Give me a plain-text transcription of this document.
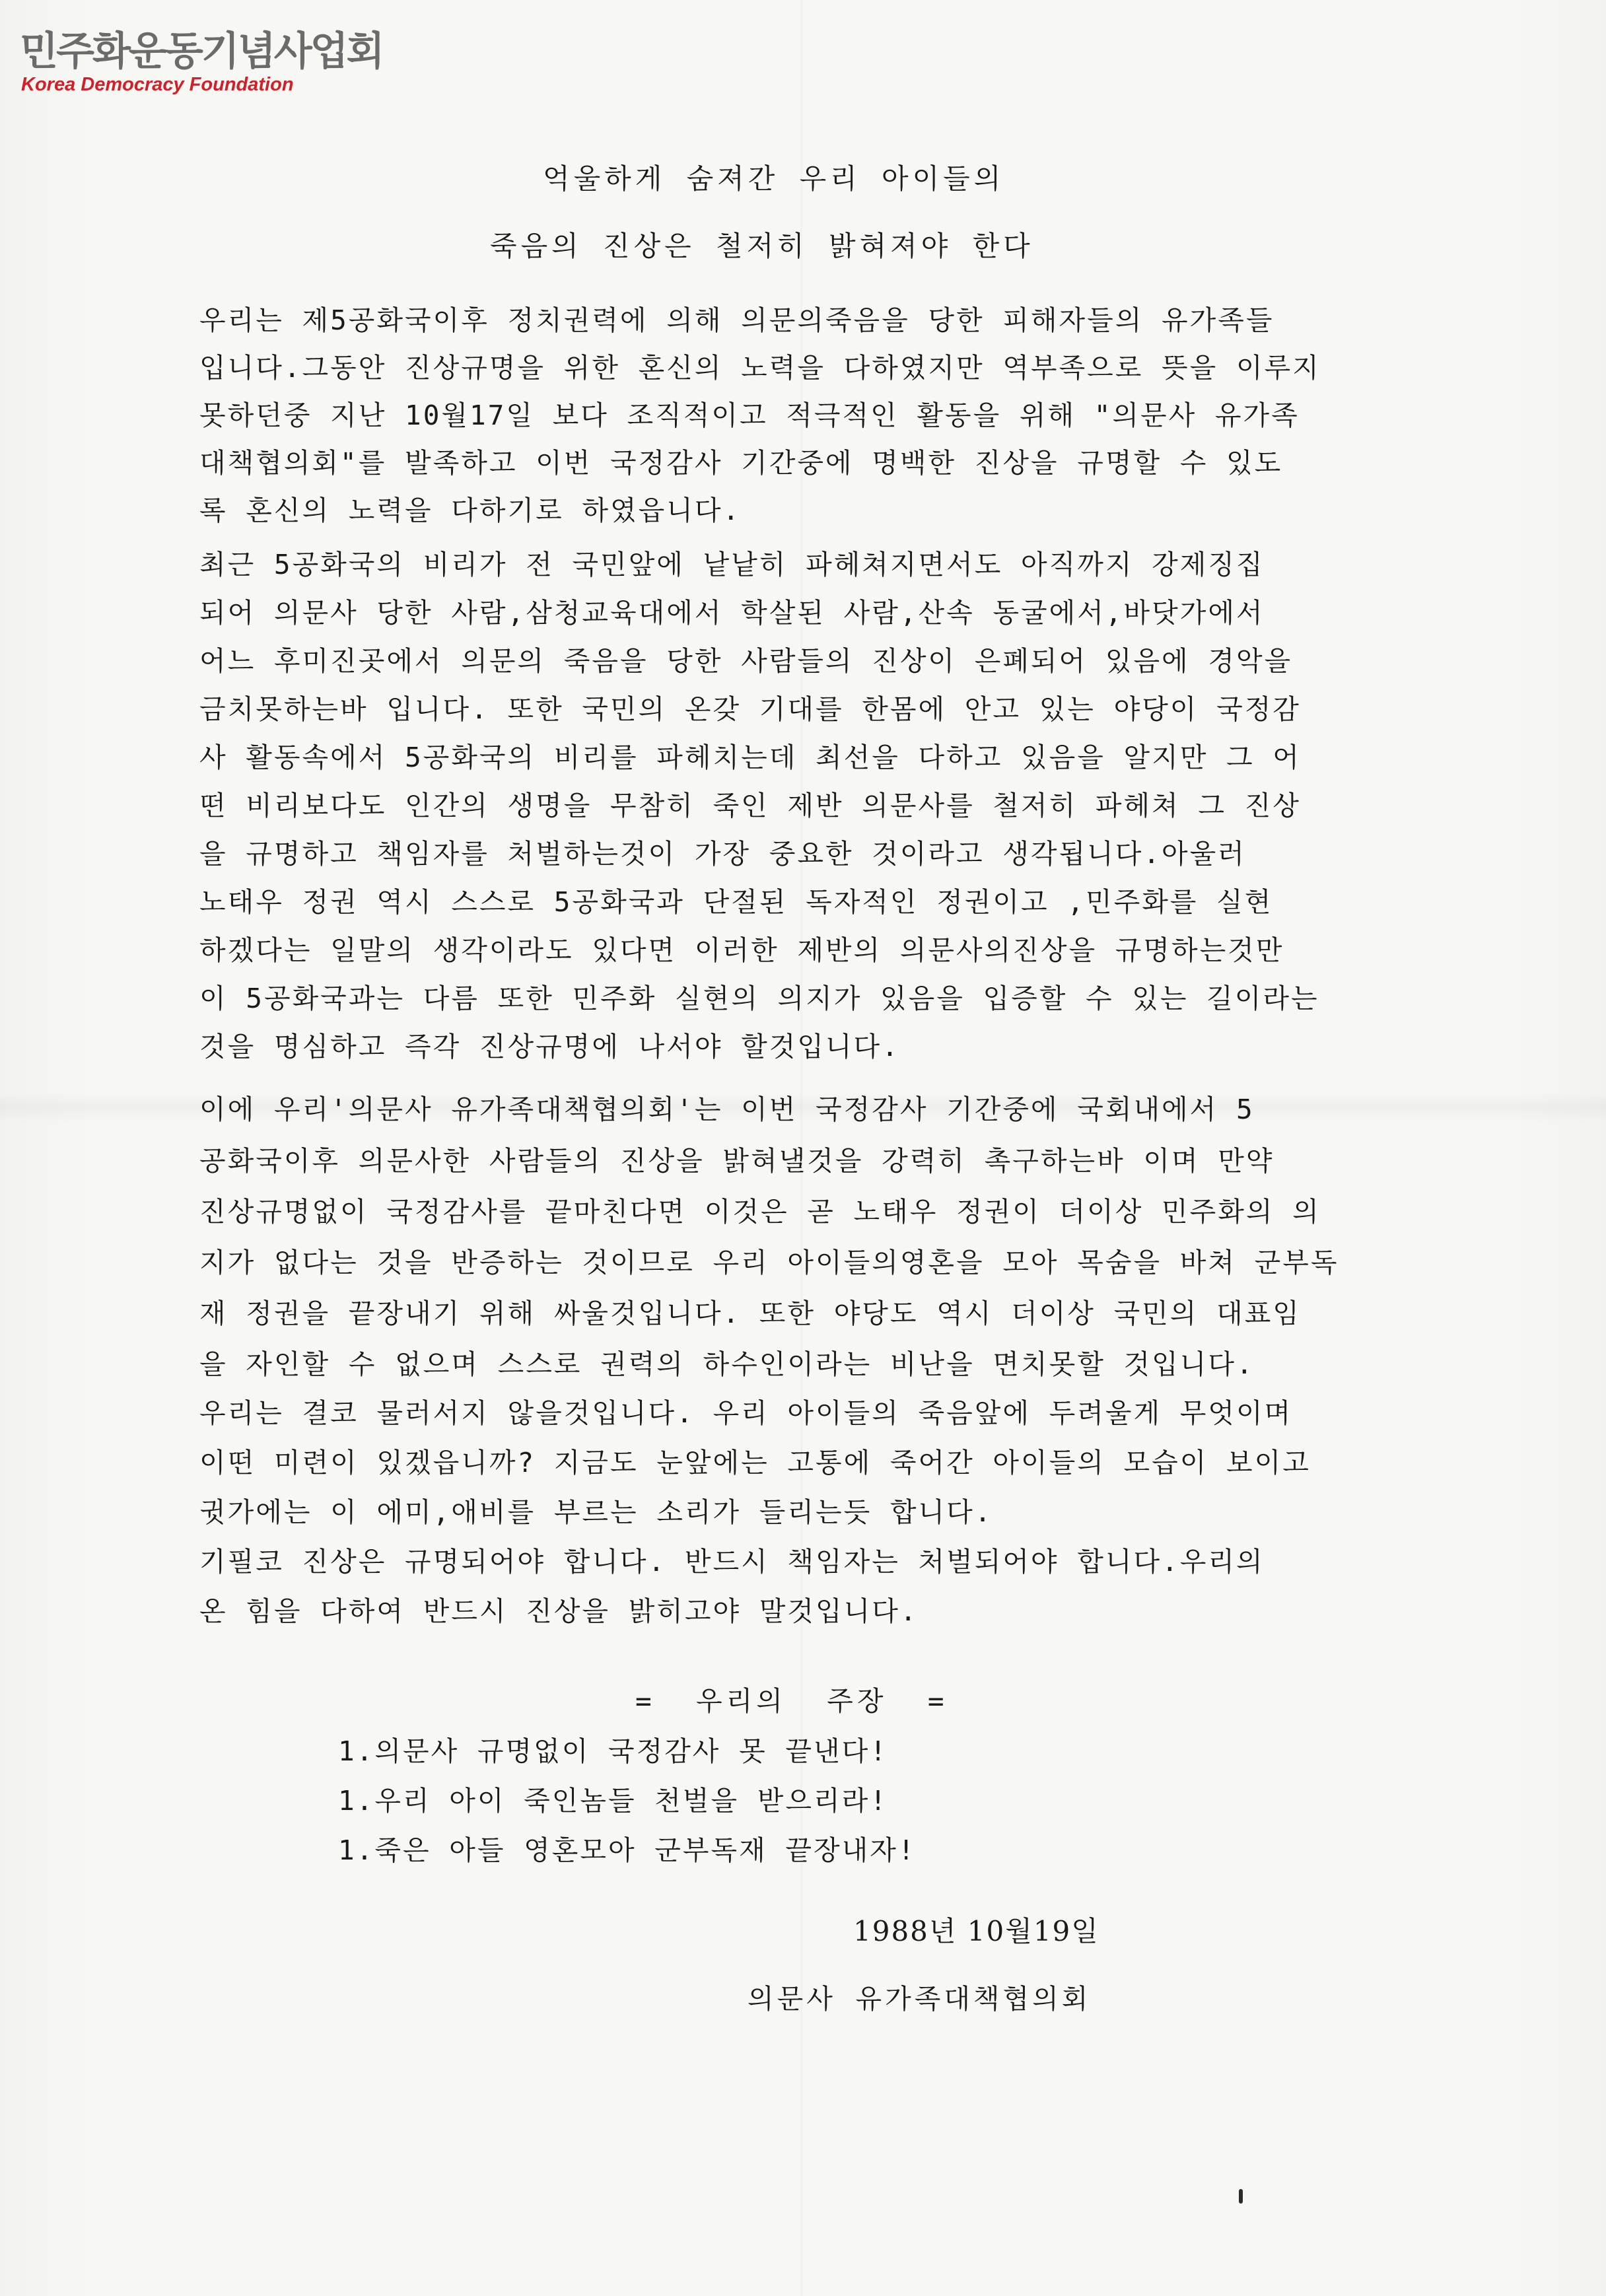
민주화운동기념사업회
Korea Democracy Foundation
억울하게 숨져간 우리 아이들의
죽음의 진상은 철저히 밝혀져야 한다
우리는 제5공화국이후 정치권력에 의해 의문의죽음을 당한 피해자들의 유가족들
입니다.그동안 진상규명을 위한 혼신의 노력을 다하였지만 역부족으로 뜻을 이루지
못하던중 지난 10월17일 보다 조직적이고 적극적인 활동을 위해 "의문사 유가족
대책협의회"를 발족하고 이번 국정감사 기간중에 명백한 진상을 규명할 수 있도
록 혼신의 노력을 다하기로 하였읍니다.
최근 5공화국의 비리가 전 국민앞에 낱낱히 파헤쳐지면서도 아직까지 강제징집
되어 의문사 당한 사람,삼청교육대에서 학살된 사람,산속 동굴에서,바닷가에서
어느 후미진곳에서 의문의 죽음을 당한 사람들의 진상이 은폐되어 있음에 경악을
금치못하는바 입니다. 또한 국민의 온갖 기대를 한몸에 안고 있는 야당이 국정감
사 활동속에서 5공화국의 비리를 파헤치는데 최선을 다하고 있음을 알지만 그 어
떤 비리보다도 인간의 생명을 무참히 죽인 제반 의문사를 철저히 파헤쳐 그 진상
을 규명하고 책임자를 처벌하는것이 가장 중요한 것이라고 생각됩니다.아울러
노태우 정권 역시 스스로 5공화국과 단절된 독자적인 정권이고 ,민주화를 실현
하겠다는 일말의 생각이라도 있다면 이러한 제반의 의문사의진상을 규명하는것만
이 5공화국과는 다름 또한 민주화 실현의 의지가 있음을 입증할 수 있는 길이라는
것을 명심하고 즉각 진상규명에 나서야 할것입니다.
이에 우리'의문사 유가족대책협의회'는 이번 국정감사 기간중에 국회내에서 5
공화국이후 의문사한 사람들의 진상을 밝혀낼것을 강력히 촉구하는바 이며 만약
진상규명없이 국정감사를 끝마친다면 이것은 곧 노태우 정권이 더이상 민주화의 의
지가 없다는 것을 반증하는 것이므로 우리 아이들의영혼을 모아 목숨을 바쳐 군부독
재 정권을 끝장내기 위해 싸울것입니다. 또한 야당도 역시 더이상 국민의 대표임
을 자인할 수 없으며 스스로 권력의 하수인이라는 비난을 면치못할 것입니다.
우리는 결코 물러서지 않을것입니다. 우리 아이들의 죽음앞에 두려울게 무엇이며
이떤 미련이 있겠읍니까? 지금도 눈앞에는 고통에 죽어간 아이들의 모습이 보이고
귓가에는 이 에미,애비를 부르는 소리가 들리는듯 합니다.
기필코 진상은 규명되어야 합니다. 반드시 책임자는 처벌되어야 합니다.우리의
온 힘을 다하여 반드시 진상을 밝히고야 말것입니다.
=  우리의  주장  =
1.의문사 규명없이 국정감사 못 끝낸다!
1.우리 아이 죽인놈들 천벌을 받으리라!
1.죽은 아들 영혼모아 군부독재 끝장내자!
1988년 10월19일
의문사 유가족대책협의회
